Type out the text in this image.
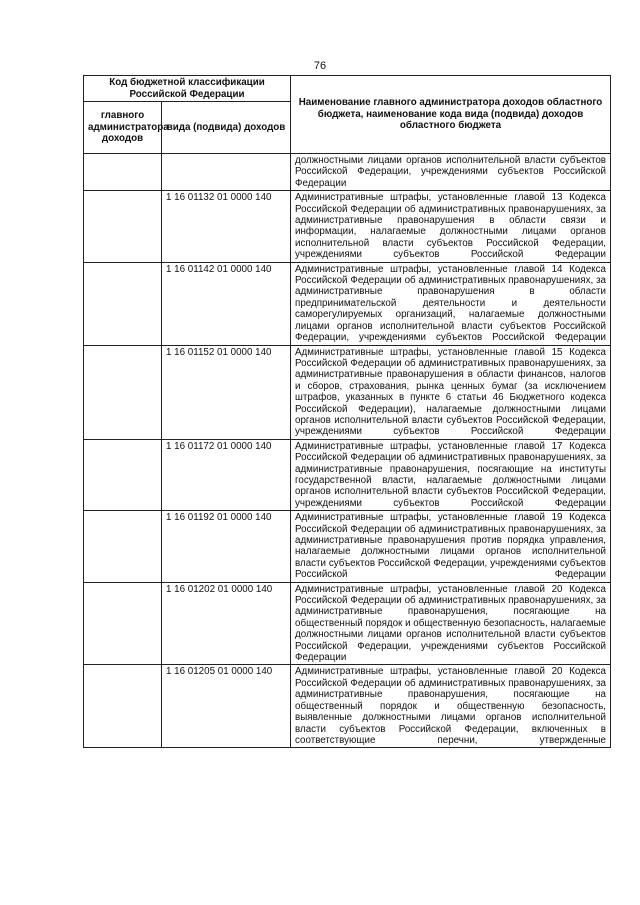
76
Код бюджетной классификации Российской Федерации		Наименование главного администратора доходов областного бюджета, наименование кода вида (подвида) доходов областного бюджета
главного администратора доходов	вида (подвида) доходов	
		должностными лицами органов исполнительной власти субъектов Российской Федерации, учреждениями субъектов Российской Федерации
	1 16 01132 01 0000 140	Административные штрафы, установленные главой 13 Кодекса Российской Федерации об административных правонарушениях, за административные правонарушения в области связи и информации, налагаемые должностными лицами органов исполнительной власти субъектов Российской Федерации, учреждениями субъектов Российской Федерации
	1 16 01142 01 0000 140	Административные штрафы, установленные главой 14 Кодекса Российской Федерации об административных правонарушениях, за административные правонарушения в области предпринимательской деятельности и деятельности саморегулируемых организаций, налагаемые должностными лицами органов исполнительной власти субъектов Российской Федерации, учреждениями субъектов Российской Федерации
	1 16 01152 01 0000 140	Административные штрафы, установленные главой 15 Кодекса Российской Федерации об административных правонарушениях, за административные правонарушения в области финансов, налогов и сборов, страхования, рынка ценных бумаг (за исключением штрафов, указанных в пункте 6 статьи 46 Бюджетного кодекса Российской Федерации), налагаемые должностными лицами органов исполнительной власти субъектов Российской Федерации, учреждениями субъектов Российской Федерации
	1 16 01172 01 0000 140	Административные штрафы, установленные главой 17 Кодекса Российской Федерации об административных правонарушениях, за административные правонарушения, посягающие на институты государственной власти, налагаемые должностными лицами органов исполнительной власти субъектов Российской Федерации, учреждениями субъектов Российской Федерации
	1 16 01192 01 0000 140	Административные штрафы, установленные главой 19 Кодекса Российской Федерации об административных правонарушениях, за административные правонарушения против порядка управления, налагаемые должностными лицами органов исполнительной власти субъектов Российской Федерации, учреждениями субъектов Российской Федерации
	1 16 01202 01 0000 140	Административные штрафы, установленные главой 20 Кодекса Российской Федерации об административных правонарушениях, за административные правонарушения, посягающие на общественный порядок и общественную безопасность, налагаемые должностными лицами органов исполнительной власти субъектов Российской Федерации, учреждениями субъектов Российской Федерации
	1 16 01205 01 0000 140	Административные штрафы, установленные главой 20 Кодекса Российской Федерации об административных правонарушениях, за административные правонарушения, посягающие на общественный порядок и общественную безопасность, выявленные должностными лицами органов исполнительной власти субъектов Российской Федерации, включенных в соответствующие перечни, утвержденные
